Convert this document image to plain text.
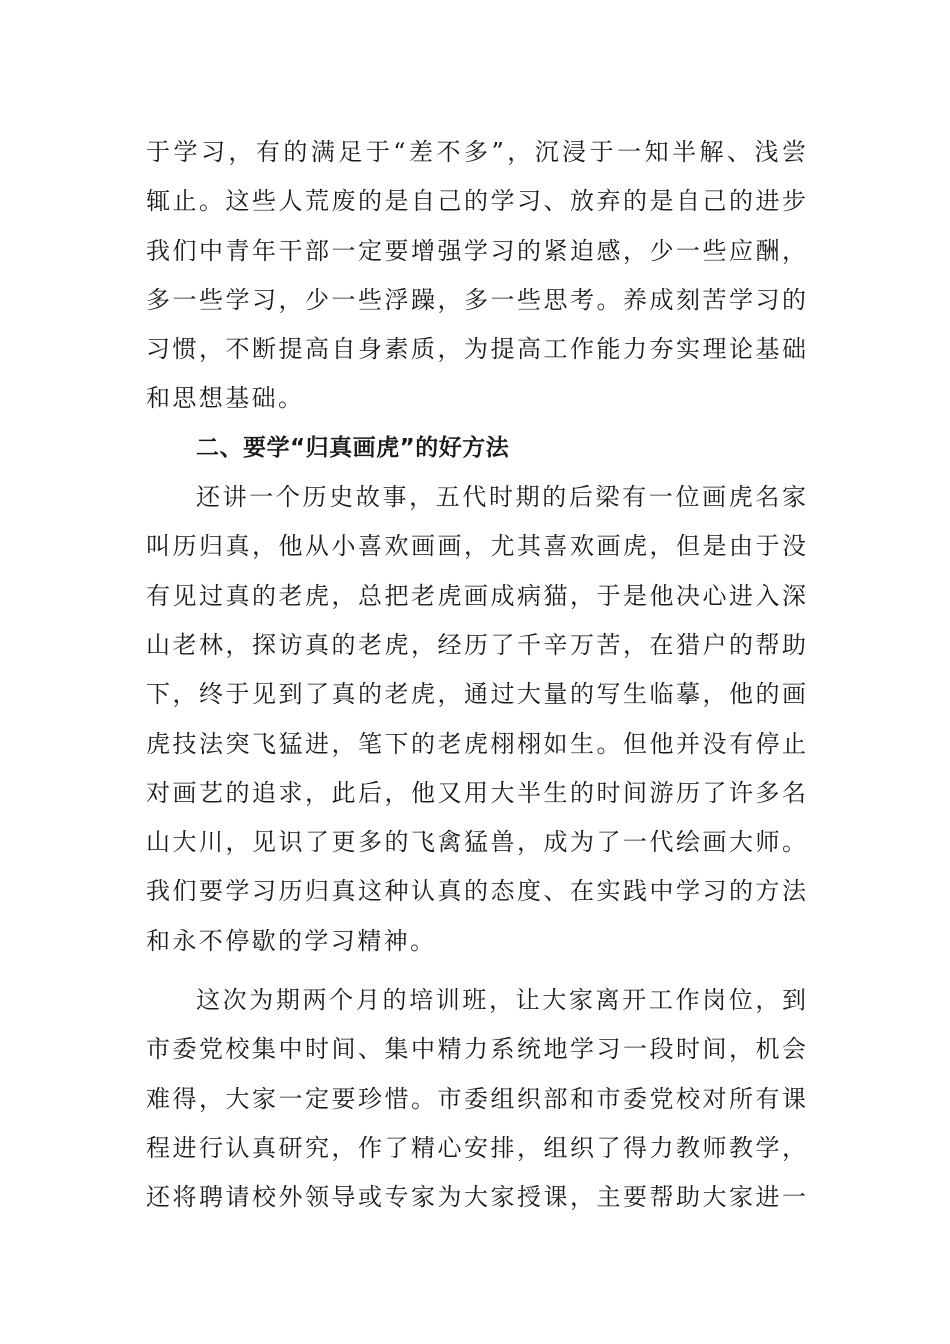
于学习，有的满足于“差不多”，沉浸于一知半解、浅尝
辄止。这些人荒废的是自己的学习、放弃的是自己的进步
我们中青年干部一定要增强学习的紧迫感，少一些应酬，
多一些学习，少一些浮躁，多一些思考。养成刻苦学习的
习惯，不断提高自身素质，为提高工作能力夯实理论基础
和思想基础。
二、要学“归真画虎”的好方法
还讲一个历史故事，五代时期的后梁有一位画虎名家
叫历归真，他从小喜欢画画，尤其喜欢画虎，但是由于没
有见过真的老虎，总把老虎画成病猫，于是他决心进入深
山老林，探访真的老虎，经历了千辛万苦，在猎户的帮助
下，终于见到了真的老虎，通过大量的写生临摹，他的画
虎技法突飞猛进，笔下的老虎栩栩如生。但他并没有停止
对画艺的追求，此后，他又用大半生的时间游历了许多名
山大川，见识了更多的飞禽猛兽，成为了一代绘画大师。
我们要学习历归真这种认真的态度、在实践中学习的方法
和永不停歇的学习精神。
这次为期两个月的培训班，让大家离开工作岗位，到
市委党校集中时间、集中精力系统地学习一段时间，机会
难得，大家一定要珍惜。市委组织部和市委党校对所有课
程进行认真研究，作了精心安排，组织了得力教师教学，
还将聘请校外领导或专家为大家授课，主要帮助大家进一
